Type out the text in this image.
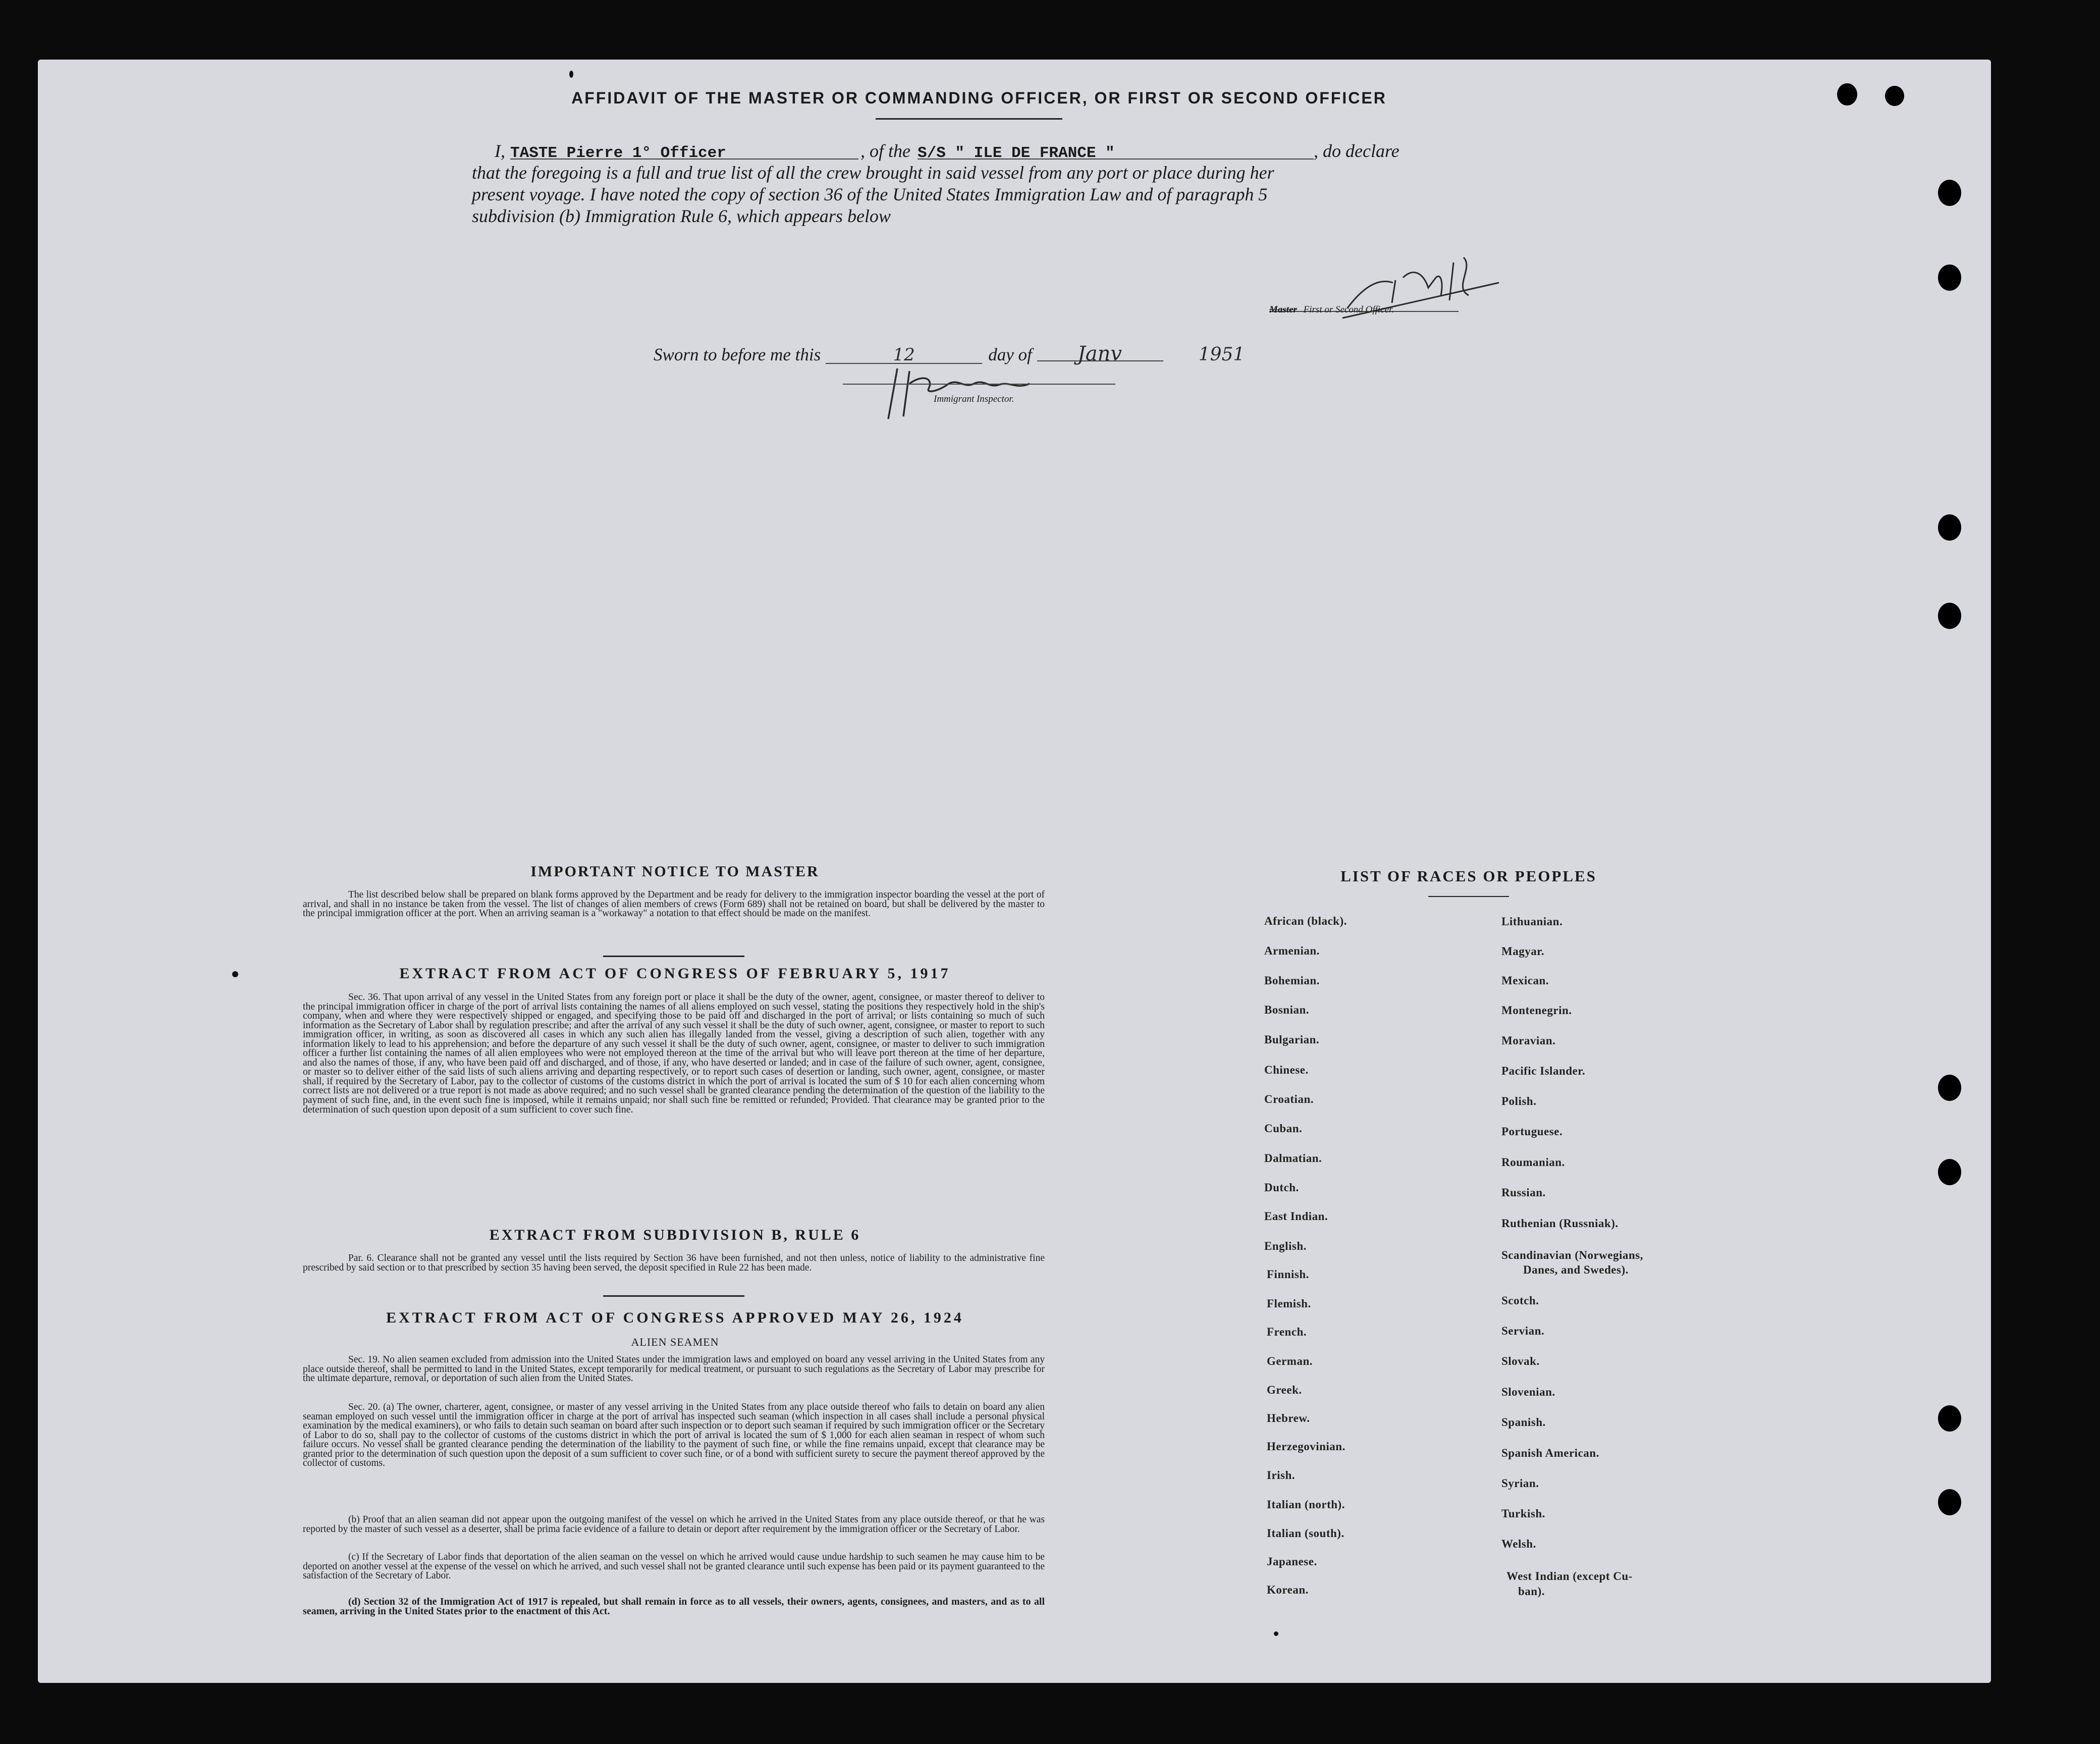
AFFIDAVIT OF THE MASTER OR COMMANDING OFFICER, OR FIRST OR SECOND OFFICER
I, TASTE Pierre 1° Officer	, of the S/S " ILE DE FRANCE "	, do declare
that the foregoing is a full and true list of all the crew brought in said vessel from any port or place during her
present voyage. I have noted the copy of section 36 of the United States Immigration Law and of paragraph 5
subdivision (b) Immigration Rule 6, which appears below
Master First or Second Officer.
Sworn to before me this	12	day of	Janv	1951
Immigrant Inspector.
IMPORTANT NOTICE TO MASTER
The list described below shall be prepared on blank forms approved by the Department and be ready for delivery to the immigration inspector boarding the vessel at the port of arrival, and shall in no instance be taken from the vessel. The list of changes of alien members of crews (Form 689) shall not be retained on board, but shall be delivered by the master to the principal immigration officer at the port. When an arriving seaman is a "workaway" a notation to that effect should be made on the manifest.
EXTRACT FROM ACT OF CONGRESS OF FEBRUARY 5, 1917
Sec. 36. That upon arrival of any vessel in the United States from any foreign port or place it shall be the duty of the owner, agent, consignee, or master thereof to deliver to the principal immigration officer in charge of the port of arrival lists containing the names of all aliens employed on such vessel, stating the positions they respectively hold in the ship's company, when and where they were respectively shipped or engaged, and specifying those to be paid off and discharged in the port of arrival; or lists containing so much of such information as the Secretary of Labor shall by regulation prescribe; and after the arrival of any such vessel it shall be the duty of such owner, agent, consignee, or master to report to such immigration officer, in writing, as soon as discovered all cases in which any such alien has illegally landed from the vessel, giving a description of such alien, together with any information likely to lead to his apprehension; and before the departure of any such vessel it shall be the duty of such owner, agent, consignee, or master to deliver to such immigration officer a further list containing the names of all alien employees who were not employed thereon at the time of the arrival but who will leave port thereon at the time of her departure, and also the names of those, if any, who have been paid off and discharged, and of those, if any, who have deserted or landed; and in case of the failure of such owner, agent, consignee, or master so to deliver either of the said lists of such aliens arriving and departing respectively, or to report such cases of desertion or landing, such owner, agent, consignee, or master shall, if required by the Secretary of Labor, pay to the collector of customs of the customs district in which the port of arrival is located the sum of $ 10 for each alien concerning whom correct lists are not delivered or a true report is not made as above required; and no such vessel shall be granted clearance pending the determination of the question of the liability to the payment of such fine, and, in the event such fine is imposed, while it remains unpaid; nor shall such fine be remitted or refunded; Provided. That clearance may be granted prior to the determination of such question upon deposit of a sum sufficient to cover such fine.
EXTRACT FROM SUBDIVISION B, RULE 6
Par. 6. Clearance shall not be granted any vessel until the lists required by Section 36 have been furnished, and not then unless, notice of liability to the administrative fine prescribed by said section or to that prescribed by section 35 having been served, the deposit specified in Rule 22 has been made.
EXTRACT FROM ACT OF CONGRESS APPROVED MAY 26, 1924
ALIEN SEAMEN
Sec. 19. No alien seamen excluded from admission into the United States under the immigration laws and employed on board any vessel arriving in the United States from any place outside thereof, shall be permitted to land in the United States, except temporarily for medical treatment, or pursuant to such regulations as the Secretary of Labor may prescribe for the ultimate departure, removal, or deportation of such alien from the United States.
Sec. 20. (a) The owner, charterer, agent, consignee, or master of any vessel arriving in the United States from any place outside thereof who fails to detain on board any alien seaman employed on such vessel until the immigration officer in charge at the port of arrival has inspected such seaman (which inspection in all cases shall include a personal physical examination by the medical examiners), or who fails to detain such seaman on board after such inspection or to deport such seaman if required by such immigration officer or the Secretary of Labor to do so, shall pay to the collector of customs of the customs district in which the port of arrival is located the sum of $ 1,000 for each alien seaman in respect of whom such failure occurs. No vessel shall be granted clearance pending the determination of the liability to the payment of such fine, or while the fine remains unpaid, except that clearance may be granted prior to the determination of such question upon the deposit of a sum sufficient to cover such fine, or of a bond with sufficient surety to secure the payment thereof approved by the collector of customs.
(b) Proof that an alien seaman did not appear upon the outgoing manifest of the vessel on which he arrived in the United States from any place outside thereof, or that he was reported by the master of such vessel as a deserter, shall be prima facie evidence of a failure to detain or deport after requirement by the immigration officer or the Secretary of Labor.
(c) If the Secretary of Labor finds that deportation of the alien seaman on the vessel on which he arrived would cause undue hardship to such seamen he may cause him to be deported on another vessel at the expense of the vessel on which he arrived, and such vessel shall not be granted clearance until such expense has been paid or its payment guaranteed to the satisfaction of the Secretary of Labor.
(d) Section 32 of the Immigration Act of 1917 is repealed, but shall remain in force as to all vessels, their owners, agents, consignees, and masters, and as to all seamen, arriving in the United States prior to the enactment of this Act.
LIST OF RACES OR PEOPLES
African (black).
Armenian.
Bohemian.
Bosnian.
Bulgarian.
Chinese.
Croatian.
Cuban.
Dalmatian.
Dutch.
East Indian.
English.
Finnish.
Flemish.
French.
German.
Greek.
Hebrew.
Herzegovinian.
Irish.
Italian (north).
Italian (south).
Japanese.
Korean.
Lithuanian.
Magyar.
Mexican.
Montenegrin.
Moravian.
Pacific Islander.
Polish.
Portuguese.
Roumanian.
Russian.
Ruthenian (Russniak).
Scandinavian (Norwegians,
Danes, and Swedes).
Scotch.
Servian.
Slovak.
Slovenian.
Spanish.
Spanish American.
Syrian.
Turkish.
Welsh.
West Indian (except Cu-
ban).
